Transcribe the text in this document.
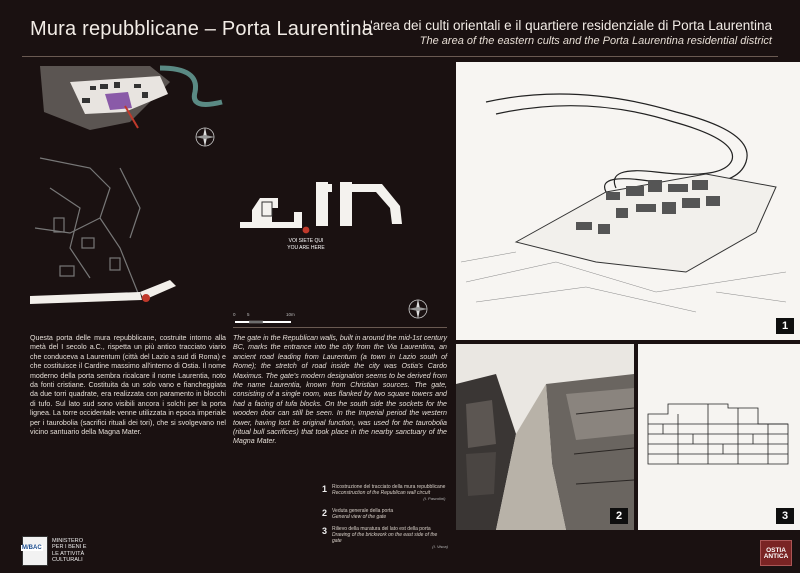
Mura repubblicane – Porta Laurentina
L'area dei culti orientali e il quartiere residenziale di Porta Laurentina
The area of the eastern cults and the Porta Laurentina residential district
VOI SIETE QUI
YOU ARE HERE
0	5	10m
Questa porta delle mura repubblicane, costruite intorno alla metà del I secolo a.C., rispetta un più antico tracciato viario che conduceva a Laurentum (città del Lazio a sud di Roma) e che costituisce il Cardine massimo all'interno di Ostia. Il nome moderno della porta sembra ricalcare il nome Laurentia, noto da fonti cristiane. Costituita da un solo vano e fiancheggiata da due torri quadrate, era realizzata con paramento in blocchi di tufo. Sul lato sud sono visibili ancora i solchi per la porta lignea. La torre occidentale venne utilizzata in epoca imperiale per i taurobolia (sacrifici rituali dei tori), che si svolgevano nel vicino santuario della Magna Mater.
The gate in the Republican walls, built in around the mid-1st century BC, marks the entrance into the city from the Via Laurentina, an ancient road leading from Laurentum (a town in Lazio south of Rome); the stretch of road inside the city was Ostia's Cardo Maximus. The gate's modern designation seems to be derived from the name Laurentia, known from Christian sources. The gate, consisting of a single room, was flanked by two square towers and had a facing of tufa blocks. On the south side the sockets for the wooden door can still be seen. In the Imperial period the western tower, having lost its original function, was used for the taurobolia (ritual bull sacrifices) that took place in the nearby sanctuary of the Magna Mater.
1 Ricostruzione del tracciato della mura repubblicane
Reconstruction of the Republican wall circuit
(I. Pascolini)
2 Veduta generale della porta
General view of the gate
3 Rilievo della muratura del lato est della porta
Drawing of the brickwork on the east side of the gate
(I. Visca)
1
2	3
M/BAC
MINISTERO
PER I BENI E
LE ATTIVITÀ
CULTURALI
OSTIA ANTICA
